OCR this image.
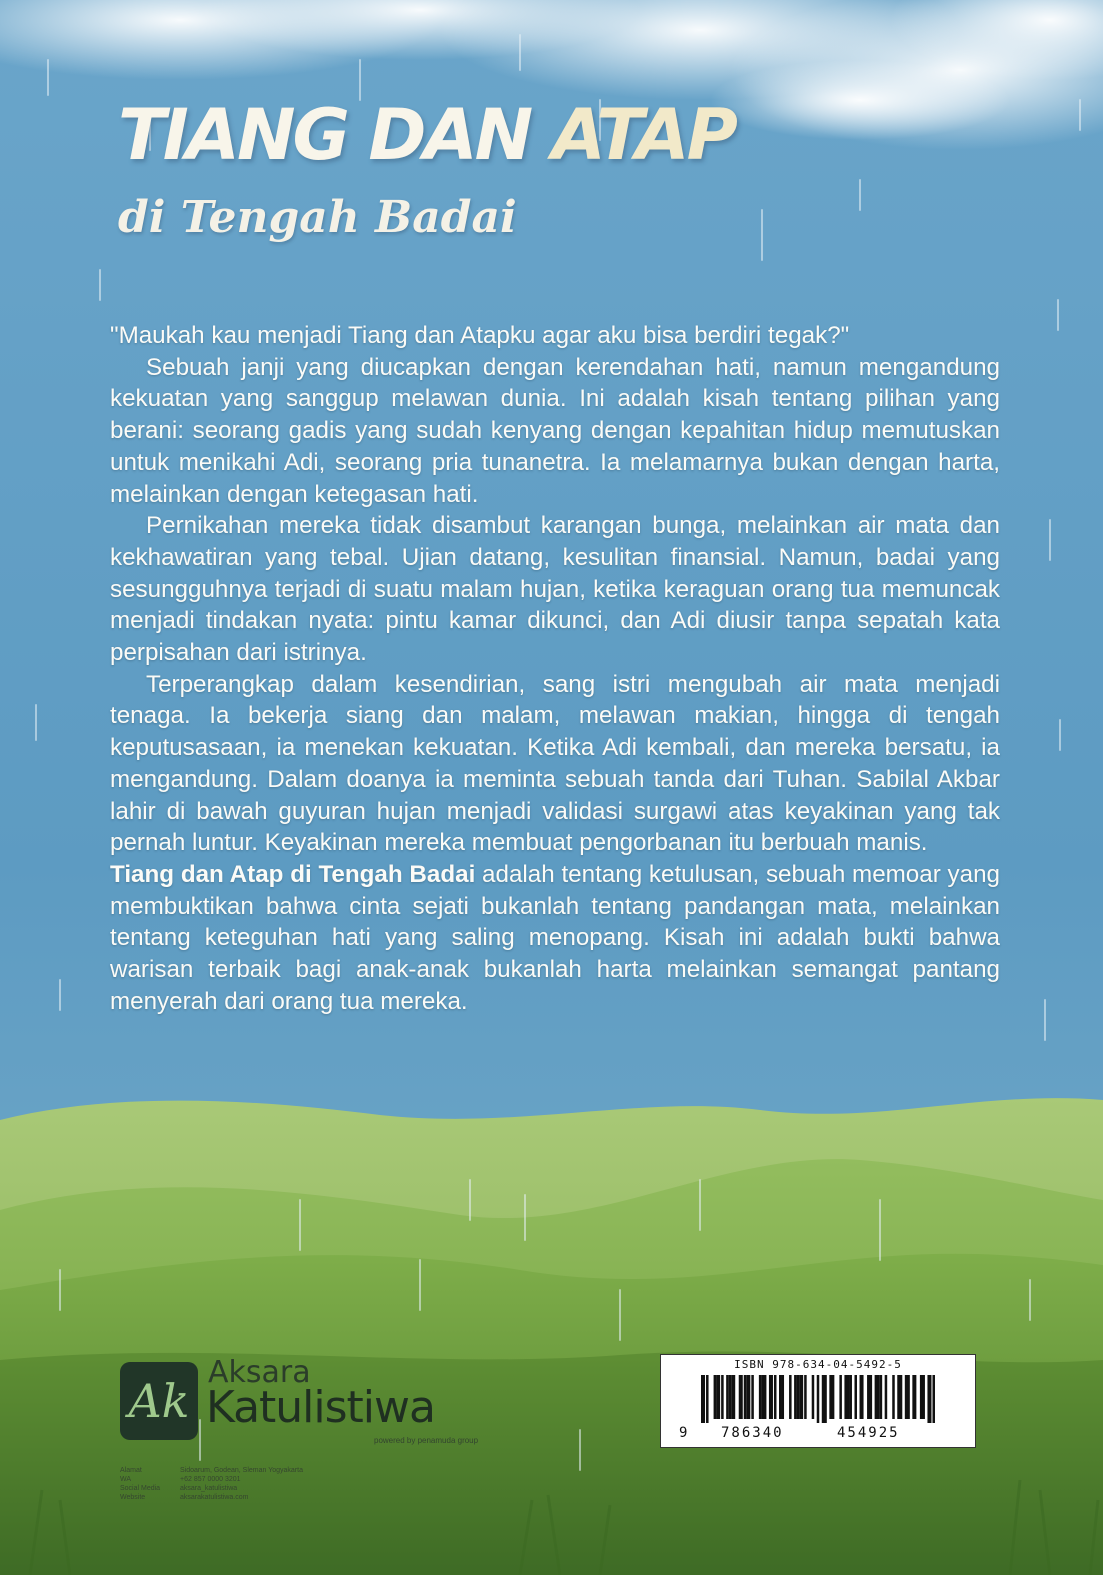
TIANG DAN ATAP
di Tengah Badai

"Maukah kau menjadi Tiang dan Atapku agar aku bisa berdiri tegak?"

Sebuah janji yang diucapkan dengan kerendahan hati, namun mengandung kekuatan yang sanggup melawan dunia. Ini adalah kisah tentang pilihan yang berani: seorang gadis yang sudah kenyang dengan kepahitan hidup memutuskan untuk menikahi Adi, seorang pria tunanetra. Ia melamarnya bukan dengan harta, melainkan dengan ketegasan hati.

Pernikahan mereka tidak disambut karangan bunga, melainkan air mata dan kekhawatiran yang tebal. Ujian datang, kesulitan finansial. Namun, badai yang sesungguhnya terjadi di suatu malam hujan, ketika keraguan orang tua memuncak menjadi tindakan nyata: pintu kamar dikunci, dan Adi diusir tanpa sepatah kata perpisahan dari istrinya.

Terperangkap dalam kesendirian, sang istri mengubah air mata menjadi tenaga. Ia bekerja siang dan malam, melawan makian, hingga di tengah keputusasaan, ia menekan kekuatan. Ketika Adi kembali, dan mereka bersatu, ia mengandung. Dalam doanya ia meminta sebuah tanda dari Tuhan. Sabilal Akbar lahir di bawah guyuran hujan menjadi validasi surgawi atas keyakinan yang tak pernah luntur. Keyakinan mereka membuat pengorbanan itu berbuah manis.

Tiang dan Atap di Tengah Badai adalah tentang ketulusan, sebuah memoar yang membuktikan bahwa cinta sejati bukanlah tentang pandangan mata, melainkan tentang keteguhan hati yang saling menopang. Kisah ini adalah bukti bahwa warisan terbaik bagi anak-anak bukanlah harta melainkan semangat pantang menyerah dari orang tua mereka.

Ak
Aksara
Katulistiwa
powered by penamuda group
Alamat	Sidoarum, Godean, Sleman Yogyakarta
WA	+62 857 0000 3201
Social Media	aksara_katulistiwa
Website	aksarakatulistiwa.com
ISBN 978-634-04-5492-5
9 786340	454925
